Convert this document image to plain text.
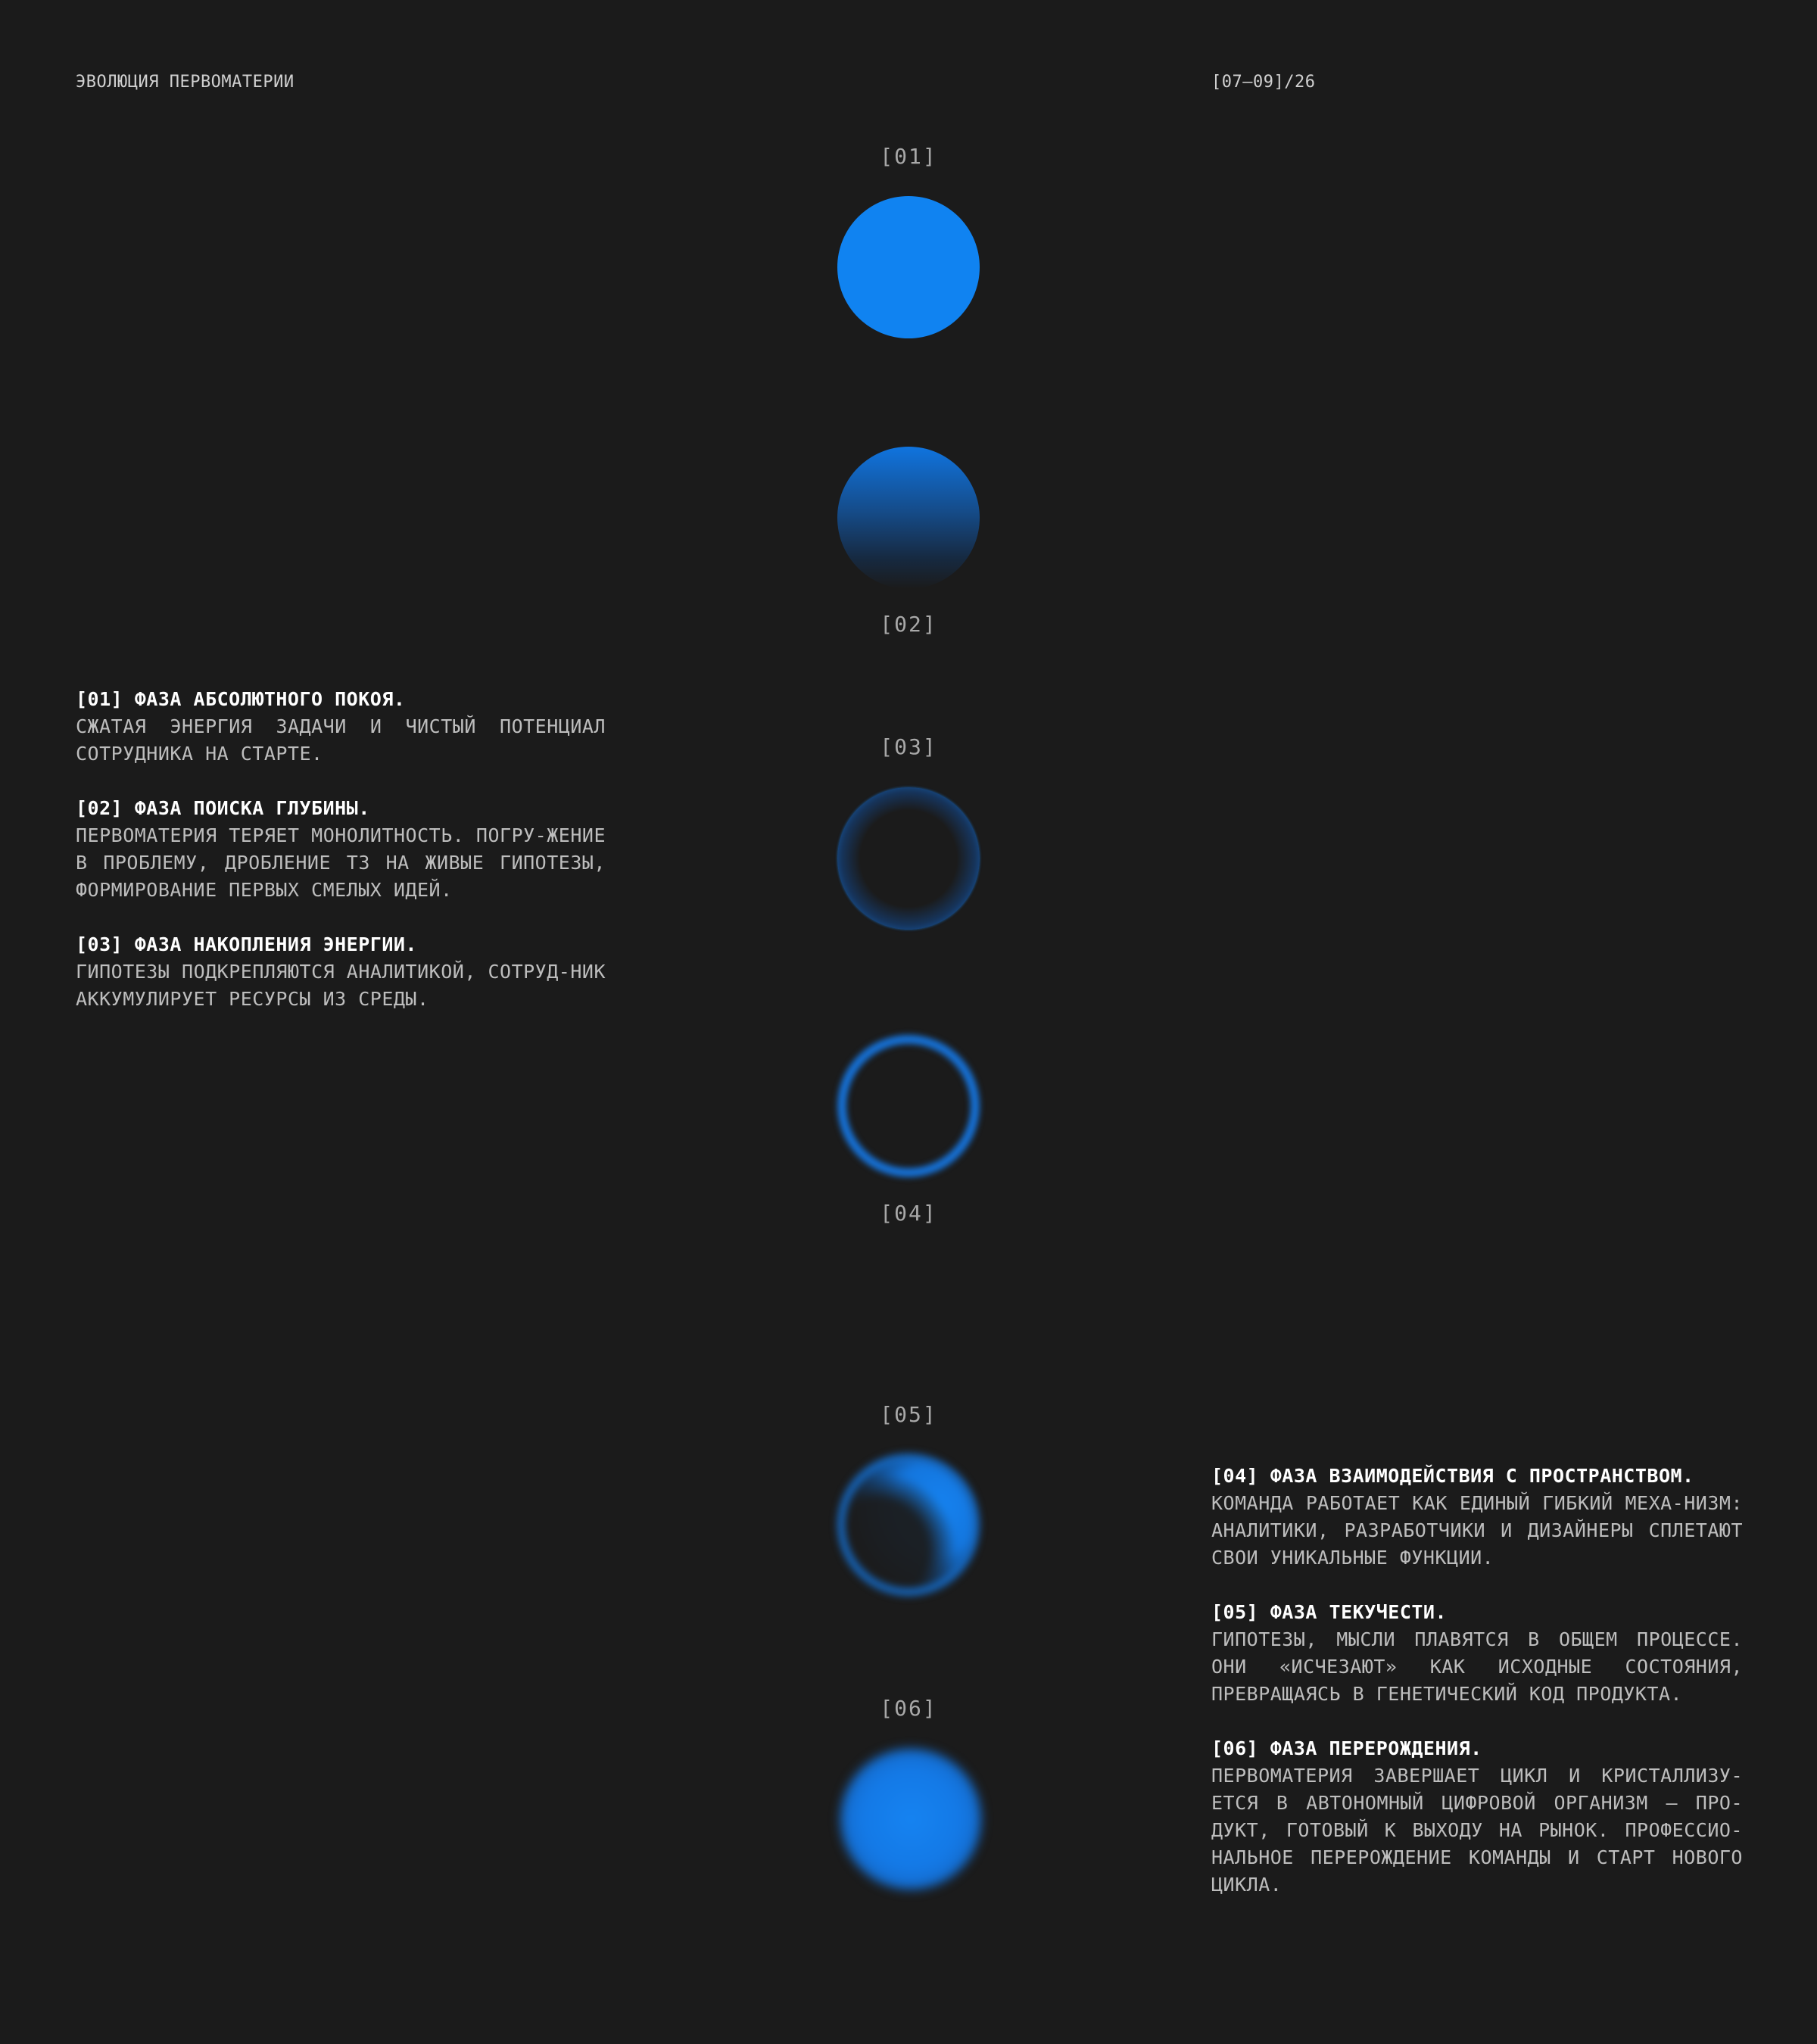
ЭВОЛЮЦИЯ ПЕРВОМАТЕРИИ	[07–09]/26
[01]
[02]
[03]
[04]
[05]
[06]
[01] ФАЗА АБСОЛЮТНОГО ПОКОЯ.
СЖАТАЯ ЭНЕРГИЯ ЗАДАЧИ И ЧИСТЫЙ ПОТЕНЦИАЛ СОТРУДНИКА НА СТАРТЕ.
[02] ФАЗА ПОИСКА ГЛУБИНЫ.
ПЕРВОМАТЕРИЯ ТЕРЯЕТ МОНОЛИТНОСТЬ. ПОГРУ-ЖЕНИЕ В ПРОБЛЕМУ, ДРОБЛЕНИЕ ТЗ НА ЖИВЫЕ ГИПОТЕЗЫ, ФОРМИРОВАНИЕ ПЕРВЫХ СМЕЛЫХ ИДЕЙ.
[03] ФАЗА НАКОПЛЕНИЯ ЭНЕРГИИ.
ГИПОТЕЗЫ ПОДКРЕПЛЯЮТСЯ АНАЛИТИКОЙ, СОТРУД-НИК АККУМУЛИРУЕТ РЕСУРСЫ ИЗ СРЕДЫ.
[04] ФАЗА ВЗАИМОДЕЙСТВИЯ С ПРОСТРАНСТВОМ.
КОМАНДА РАБОТАЕТ КАК ЕДИНЫЙ ГИБКИЙ МЕХА-НИЗМ: АНАЛИТИКИ, РАЗРАБОТЧИКИ И ДИЗАЙНЕРЫ СПЛЕТАЮТ СВОИ УНИКАЛЬНЫЕ ФУНКЦИИ.
[05] ФАЗА ТЕКУЧЕСТИ.
ГИПОТЕЗЫ, МЫСЛИ ПЛАВЯТСЯ В ОБЩЕМ ПРОЦЕССЕ. ОНИ «ИСЧЕЗАЮТ» КАК ИСХОДНЫЕ СОСТОЯНИЯ, ПРЕВРАЩАЯСЬ В ГЕНЕТИЧЕСКИЙ КОД ПРОДУКТА.
[06] ФАЗА ПЕРЕРОЖДЕНИЯ.
ПЕРВОМАТЕРИЯ ЗАВЕРШАЕТ ЦИКЛ И КРИСТАЛЛИЗУ-ЕТСЯ В АВТОНОМНЫЙ ЦИФРОВОЙ ОРГАНИЗМ — ПРО-ДУКТ, ГОТОВЫЙ К ВЫХОДУ НА РЫНОК. ПРОФЕССИО-НАЛЬНОЕ ПЕРЕРОЖДЕНИЕ КОМАНДЫ И СТАРТ НОВОГО ЦИКЛА.
